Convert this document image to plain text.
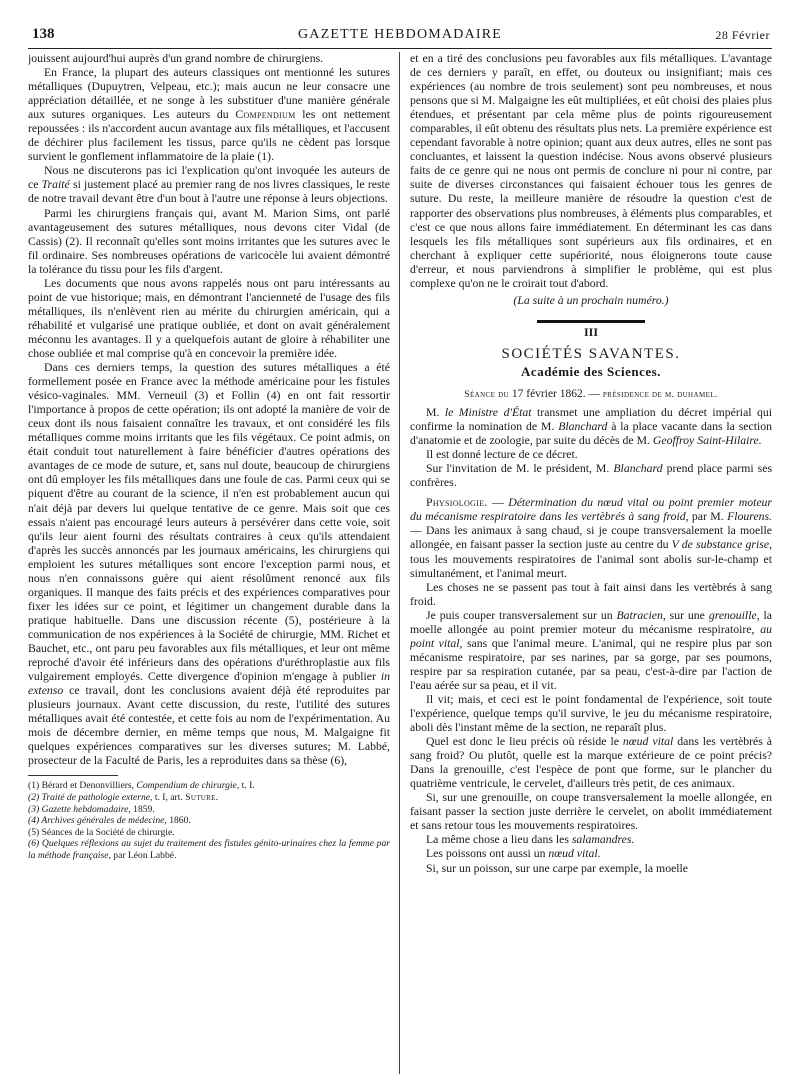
138	GAZETTE HEBDOMADAIRE	28 Février

jouissent aujourd'hui auprès d'un grand nombre de chirurgiens.

En France, la plupart des auteurs classiques ont mentionné les sutures métalliques (Dupuytren, Velpeau, etc.); mais aucun ne leur consacre une appréciation détaillée, et ne songe à les substituer d'une manière générale aux sutures organiques. Les auteurs du Compendium les ont nettement repoussées : ils n'accordent aucun avantage aux fils métalliques, et l'accusent de déchirer plus facilement les tissus, parce qu'ils ne cèdent pas lorsque survient le gonflement inflammatoire de la plaie (1).

Nous ne discuterons pas ici l'explication qu'ont invoquée les auteurs de ce Traité si justement placé au premier rang de nos livres classiques, le reste de notre travail devant être d'un bout à l'autre une réponse à leurs objections.

Parmi les chirurgiens français qui, avant M. Marion Sims, ont parlé avantageusement des sutures métalliques, nous devons citer Vidal (de Cassis) (2). Il reconnaît qu'elles sont moins irritantes que les sutures avec le fil ordinaire. Ses nombreuses opérations de varicocèle lui avaient démontré la tolérance du tissu pour les fils d'argent.

Les documents que nous avons rappelés nous ont paru intéressants au point de vue historique; mais, en démontrant l'ancienneté de l'usage des fils métalliques, ils n'enlèvent rien au mérite du chirurgien américain, qui a réhabilité et vulgarisé une pratique oubliée, et dont on avait généralement méconnu les avantages. Il y a quelquefois autant de gloire à réhabiliter une chose oubliée et mal comprise qu'à en concevoir la première idée.

Dans ces derniers temps, la question des sutures métalliques a été formellement posée en France avec la méthode américaine pour les fistules vésico-vaginales. MM. Verneuil (3) et Follin (4) en ont fait ressortir l'importance à propos de cette opération; ils ont adopté la manière de voir de ceux dont ils nous faisaient connaître les travaux, et ont considéré les fils métalliques comme moins irritants que les fils végétaux. Ce point admis, on était conduit tout naturellement à faire bénéficier d'autres opérations des avantages de ce mode de suture, et, sans nul doute, beaucoup de chirurgiens ont dû employer les fils métalliques dans une foule de cas. Parmi ceux qui se piquent d'être au courant de la science, il n'en est probablement aucun qui n'ait déjà par devers lui quelque tentative de ce genre. Mais soit que ces essais n'aient pas encouragé leurs auteurs à persévérer dans cette voie, soit qu'ils leur aient fourni des résultats contraires à ceux qu'ils attendaient d'après les succès annoncés par les journaux américains, les chirurgiens qui emploient les sutures métalliques sont encore l'exception parmi nous, et nous n'en connaissons guère qui aient résolûment renoncé aux fils organiques. Il manque des faits précis et des expériences comparatives pour fixer les idées sur ce point, et légitimer un changement durable dans la pratique habituelle. Dans une discussion récente (5), postérieure à la communication de nos expériences à la Société de chirurgie, MM. Richet et Bauchet, etc., ont paru peu favorables aux fils métalliques, et leur ont même reproché d'avoir été inférieurs dans des opérations d'uréthroplastie aux fils vulgairement employés. Cette divergence d'opinion m'engage à publier in extenso ce travail, dont les conclusions avaient déjà été reproduites par plusieurs journaux. Avant cette discussion, du reste, l'utilité des sutures métalliques avait été contestée, et cette fois au nom de l'expérimentation. Au mois de décembre dernier, en même temps que nous, M. Malgaigne fit quelques expériences comparatives sur les diverses sutures; M. Labbé, prosecteur de la Faculté de Paris, les a reproduites dans sa thèse (6),

(1) Bérard et Denonvilliers, Compendium de chirurgie, t. I.

(2) Traité de pathologie externe, t. I, art. Suture.

(3) Gazette hebdomadaire, 1859.

(4) Archives générales de médecine, 1860.

(5) Séances de la Société de chirurgie.

(6) Quelques réflexions au sujet du traitement des fistules génito-urinaires chez la femme par la méthode française, par Léon Labbé.

et en a tiré des conclusions peu favorables aux fils métalliques. L'avantage de ces derniers y paraît, en effet, ou douteux ou insignifiant; mais ces expériences (au nombre de trois seulement) sont peu nombreuses, et nous pensons que si M. Malgaigne les eût multipliées, et eût choisi des plaies plus étendues, et présentant par cela même plus de points rigoureusement comparables, il eût obtenu des résultats plus nets. La première expérience est cependant favorable à notre opinion; quant aux deux autres, elles ne sont pas concluantes, et laissent la question indécise. Nous avons observé plusieurs faits de ce genre qui ne nous ont permis de conclure ni pour ni contre, par suite de diverses circonstances qui faisaient échouer tous les genres de suture. Du reste, la meilleure manière de résoudre la question c'est de rapporter des observations plus nombreuses, à éléments plus comparables, et c'est ce que nous allons faire immédiatement. En déterminant les cas dans lesquels les fils métalliques sont supérieurs aux fils ordinaires, et en cherchant à expliquer cette supériorité, nous éloignerons toute cause d'erreur, et nous parviendrons à simplifier le problème, qui est plus complexe qu'on ne le croirait tout d'abord.

(La suite à un prochain numéro.)

III

SOCIÉTÉS SAVANTES.

Académie des Sciences.

Séance du 17 février 1862. — présidence de m. duhamel.

M. le Ministre d'État transmet une ampliation du décret impérial qui confirme la nomination de M. Blanchard à la place vacante dans la section d'anatomie et de zoologie, par suite du décès de M. Geoffroy Saint-Hilaire.

Il est donné lecture de ce décret.

Sur l'invitation de M. le président, M. Blanchard prend place parmi ses confrères.

Physiologie. — Détermination du nœud vital ou point premier moteur du mécanisme respiratoire dans les vertèbrés à sang froid, par M. Flourens. — Dans les animaux à sang chaud, si je coupe transversalement la moelle allongée, en faisant passer la section juste au centre du V de substance grise, tous les mouvements respiratoires de l'animal sont abolis sur-le-champ et simultanément, et l'animal meurt.

Les choses ne se passent pas tout à fait ainsi dans les vertèbrés à sang froid.

Je puis couper transversalement sur un Batracien, sur une grenouille, la moelle allongée au point premier moteur du mécanisme respiratoire, au point vital, sans que l'animal meure. L'animal, qui ne respire plus par son mécanisme respiratoire, par ses narines, par sa gorge, par ses poumons, respire par sa respiration cutanée, par sa peau, c'est-à-dire par l'action de l'eau aérée sur sa peau, et il vit.

Il vit; mais, et ceci est le point fondamental de l'expérience, soit toute l'expérience, quelque temps qu'il survive, le jeu du mécanisme respiratoire, aboli dès l'instant même de la section, ne reparaît plus.

Quel est donc le lieu précis où réside le nœud vital dans les vertèbrés à sang froid? Ou plutôt, quelle est la marque extérieure de ce point précis? Dans la grenouille, c'est l'espèce de pont que forme, sur le plancher du quatrième ventricule, le cervelet, d'ailleurs très petit, de ces animaux.

Si, sur une grenouille, on coupe transversalement la moelle allongée, en faisant passer la section juste derrière le cervelet, on abolit immédiatement et sans retour tous les mouvements respiratoires.

La même chose a lieu dans les salamandres.

Les poissons ont aussi un nœud vital.

Si, sur un poisson, sur une carpe par exemple, la moelle
